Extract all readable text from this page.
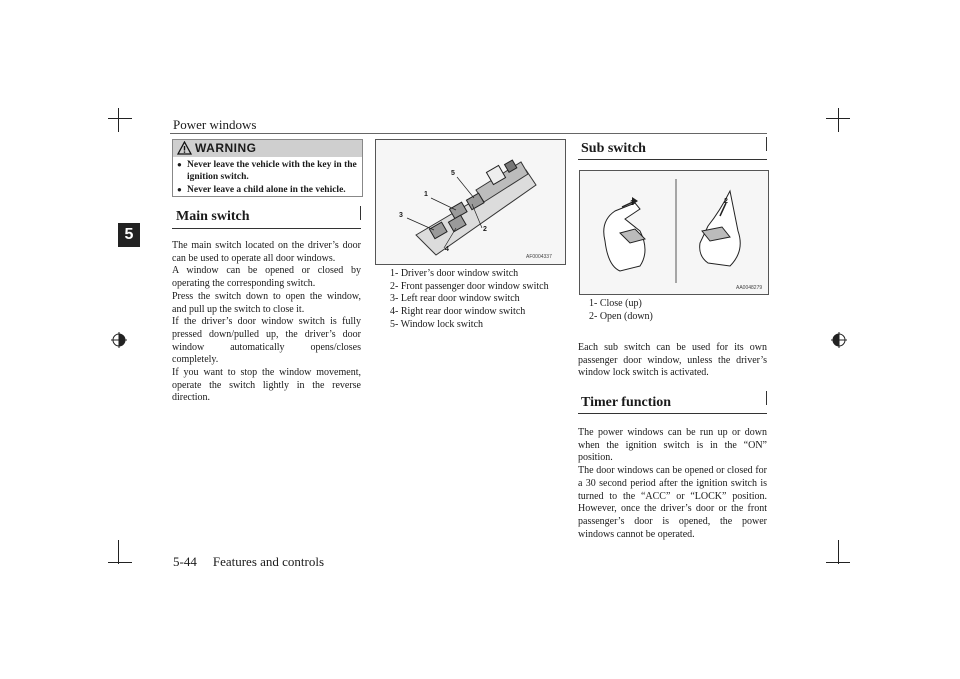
Power windows
5
WARNING
● Never leave the vehicle with the key in the ignition switch.
● Never leave a child alone in the vehicle.
Main switch

The main switch located on the driver’s door can be used to operate all door windows.

A window can be opened or closed by operating the corresponding switch.

Press the switch down to open the window, and pull up the switch to close it.

If the driver’s door window switch is fully pressed down/pulled up, the driver’s door window automatically opens/closes completely.

If you want to stop the window movement, operate the switch lightly in the reverse direction.

1
2
3
4
5
AF0004337
1- Driver’s door window switch
2- Front passenger door window switch
3- Left rear door window switch
4- Right rear door window switch
5- Window lock switch
Sub switch
1	2
AA0048279
1- Close (up)
2- Open (down)

Each sub switch can be used for its own passenger door window, unless the driver’s window lock switch is activated.

Timer function

The power windows can be run up or down when the ignition switch is in the “ON” position.

The door windows can be opened or closed for a 30 second period after the ignition switch is turned to the “ACC” or “LOCK” position. However, once the driver’s door or the front passenger’s door is opened, the power windows cannot be operated.

5-44 Features and controls
